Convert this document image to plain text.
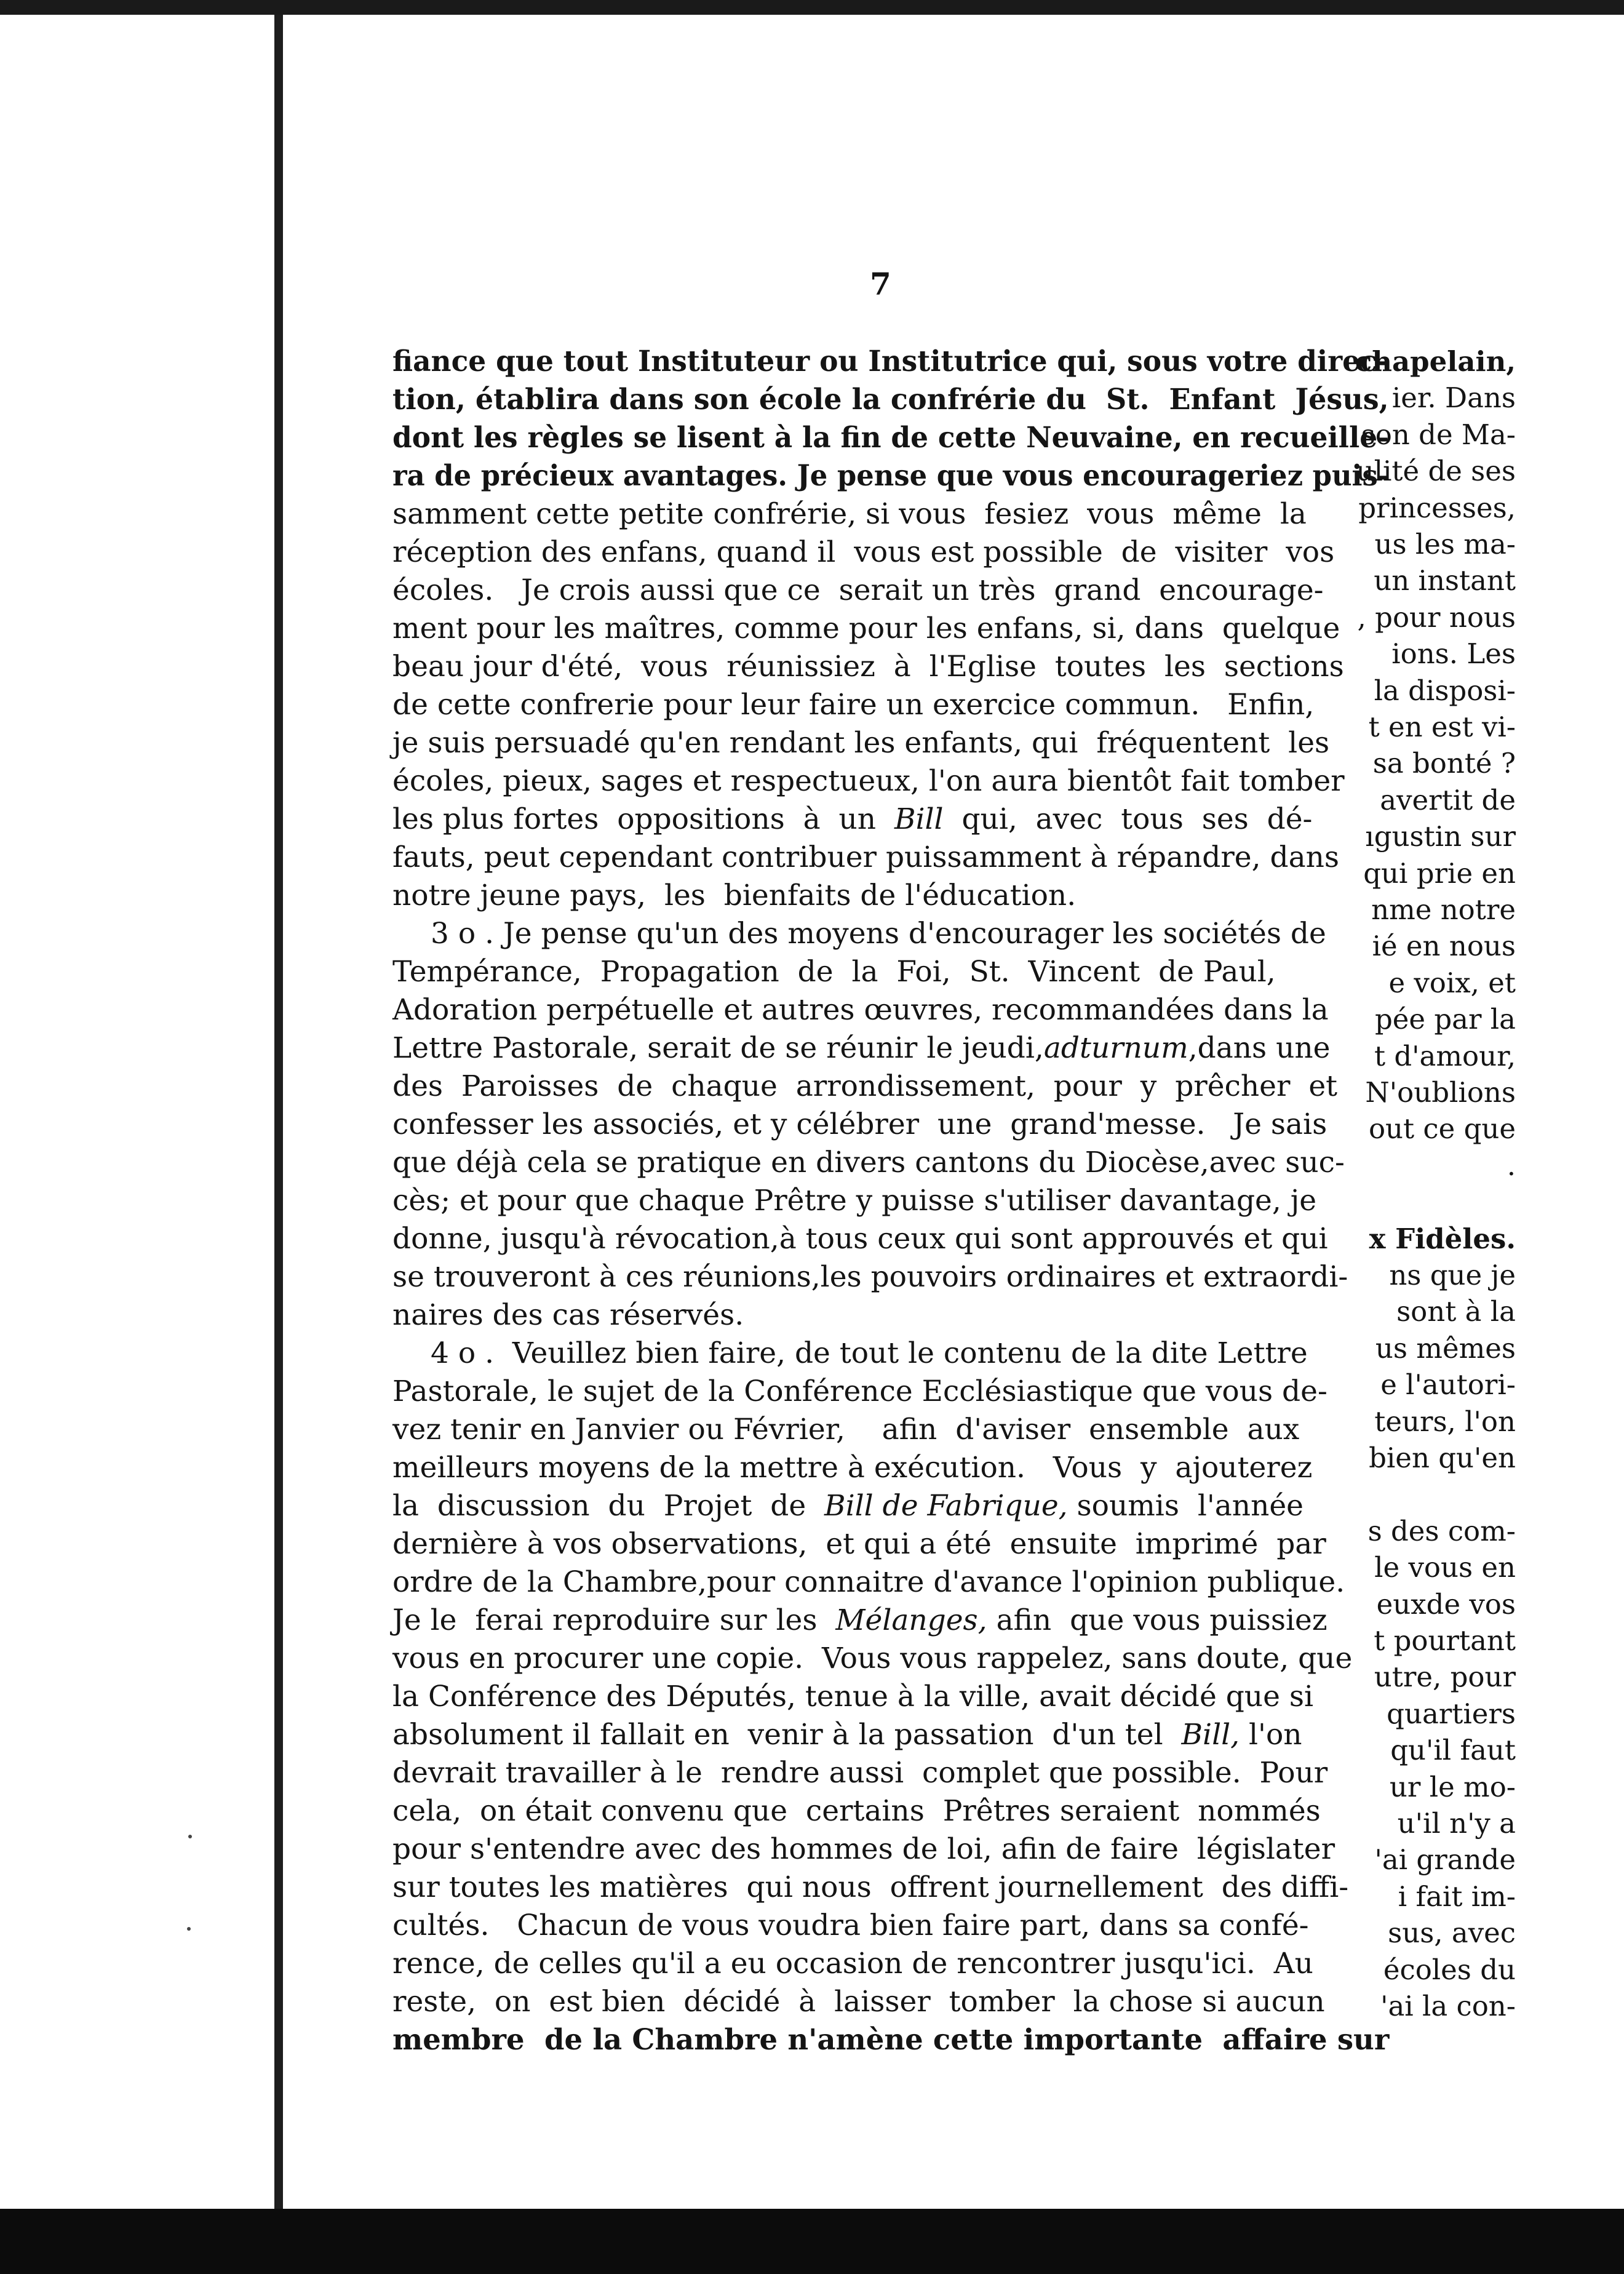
chapelain,
ier. Dans
son de Ma-
ulité de ses
princesses,
us les ma-
un instant
, pour nous
ions. Les
la disposi-
t en est vi-
sa bonté ?
avertit de
ıgustin sur
qui prie en
nme notre
ié en nous
e voix, et
pée par la
t d'amour,
N'oublions
out ce que
.
x Fidèles.
ns que je
sont à la
us mêmes
e l'autori-
teurs, l'on
bien qu'en
s des com-
le vous en
euxde vos
t pourtant
utre, pour
quartiers
qu'il faut
ur le mo-
u'il n'y a
'ai grande
i fait im-
sus, avec
écoles du
'ai la con-
7
fiance que tout Instituteur ou Institutrice qui, sous votre direc-
tion, établira dans son école la confrérie du  St.  Enfant  Jésus,
dont les règles se lisent à la fin de cette Neuvaine, en recueille-
ra de précieux avantages. Je pense que vous encourageriez puis-
samment cette petite confrérie, si vous  fesiez  vous  même  la
réception des enfans, quand il  vous est possible  de  visiter  vos
écoles.   Je crois aussi que ce  serait un très  grand  encourage-
ment pour les maîtres, comme pour les enfans, si, dans  quelque
beau jour d'été,  vous  réunissiez  à  l'Eglise  toutes  les  sections
de cette confrerie pour leur faire un exercice commun.   Enfin,
je suis persuadé qu'en rendant les enfants, qui  fréquentent  les
écoles, pieux, sages et respectueux, l'on aura bientôt fait tomber
les plus fortes  oppositions  à  un  Bill  qui,  avec  tous  ses  dé-
fauts, peut cependant contribuer puissamment à répandre, dans
notre jeune pays,  les  bienfaits de l'éducation.
3 o . Je pense qu'un des moyens d'encourager les sociétés de
Tempérance,  Propagation  de  la  Foi,  St.  Vincent  de Paul,
Adoration perpétuelle et autres œuvres, recommandées dans la
Lettre Pastorale, serait de se réunir le jeudi,adturnum,dans une
des  Paroisses  de  chaque  arrondissement,  pour  y  prêcher  et
confesser les associés, et y célébrer  une  grand'messe.   Je sais
que déjà cela se pratique en divers cantons du Diocèse,avec suc-
cès; et pour que chaque Prêtre y puisse s'utiliser davantage, je
donne, jusqu'à révocation,à tous ceux qui sont approuvés et qui
se trouveront à ces réunions,les pouvoirs ordinaires et extraordi-
naires des cas réservés.
4 o .  Veuillez bien faire, de tout le contenu de la dite Lettre
Pastorale, le sujet de la Conférence Ecclésiastique que vous de-
vez tenir en Janvier ou Février,    afin  d'aviser  ensemble  aux
meilleurs moyens de la mettre à exécution.   Vous  y  ajouterez
la  discussion  du  Projet  de  Bill de Fabrique, soumis  l'année
dernière à vos observations,  et qui a été  ensuite  imprimé  par
ordre de la Chambre,pour connaitre d'avance l'opinion publique.
Je le  ferai reproduire sur les  Mélanges, afin  que vous puissiez
vous en procurer une copie.  Vous vous rappelez, sans doute, que
la Conférence des Députés, tenue à la ville, avait décidé que si
absolument il fallait en  venir à la passation  d'un tel  Bill, l'on
devrait travailler à le  rendre aussi  complet que possible.  Pour
cela,  on était convenu que  certains  Prêtres seraient  nommés
pour s'entendre avec des hommes de loi, afin de faire  législater
sur toutes les matières  qui nous  offrent journellement  des diffi-
cultés.   Chacun de vous voudra bien faire part, dans sa confé-
rence, de celles qu'il a eu occasion de rencontrer jusqu'ici.  Au
reste,  on  est bien  décidé  à  laisser  tomber  la chose si aucun
membre  de la Chambre n'amène cette importante  affaire sur
